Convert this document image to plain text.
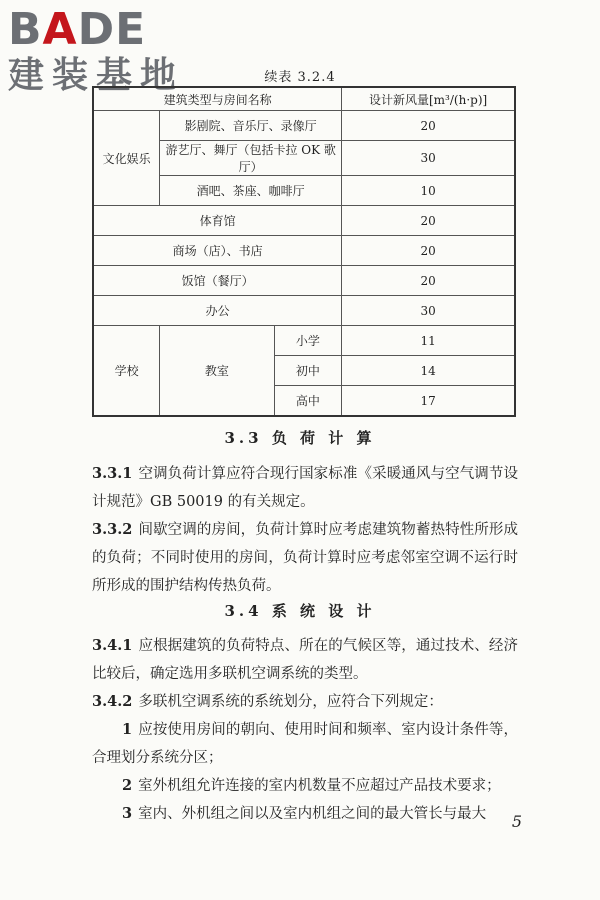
BADE
建装基地	续表 3.2.4
建筑类型与房间名称			设计新风量[m³/(h·p)]
文化娱乐	影剧院、音乐厅、录像厅		20
	游艺厅、舞厅（包括卡拉 OK 歌厅）		30
	酒吧、茶座、咖啡厅		10
体育馆			20
商场（店）、书店			20
饭馆（餐厅）			20
办公			30
学校	教室	小学	11
		初中	14
		高中	17
3.3 负 荷 计 算
3.3.1 空调负荷计算应符合现行国家标准《采暖通风与空气调节设计规范》GB 50019 的有关规定。
3.3.2 间歇空调的房间，负荷计算时应考虑建筑物蓄热特性所形成的负荷；不同时使用的房间，负荷计算时应考虑邻室空调不运行时所形成的围护结构传热负荷。
3.4 系 统 设 计
3.4.1 应根据建筑的负荷特点、所在的气候区等，通过技术、经济比较后，确定选用多联机空调系统的类型。
3.4.2 多联机空调系统的系统划分，应符合下列规定：
1 应按使用房间的朝向、使用时间和频率、室内设计条件等，合理划分系统分区；
2 室外机组允许连接的室内机数量不应超过产品技术要求；
3 室内、外机组之间以及室内机组之间的最大管长与最大	5
